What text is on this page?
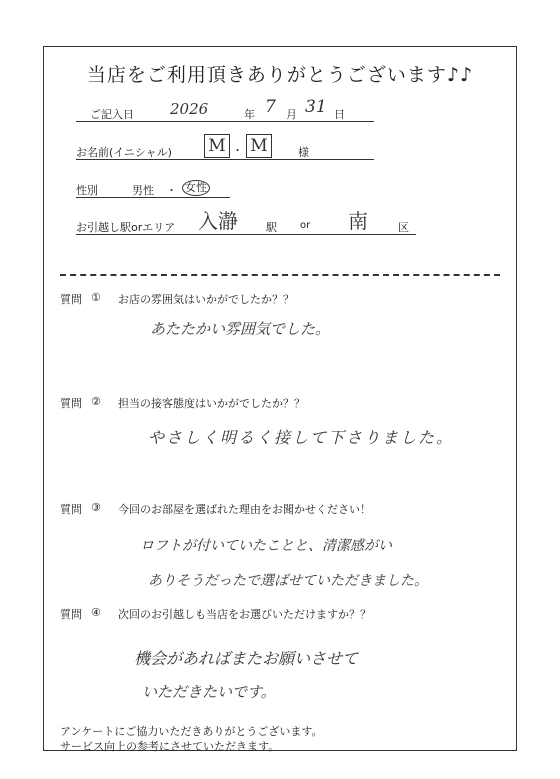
当店をご利用頂きありがとうございます♪♪
ご記入日 2026	年 7 月 31 日
お名前(イニシャル) M ・ M	様
性別	男性 ・ 女性
お引越し駅orエリア 入瀞	駅 or 南	区
質問 ① お店の雰囲気はいかがでしたか？？
あたたかい雰囲気でした。
質問 ② 担当の接客態度はいかがでしたか？？
やさしく明るく接して下さりました。
質問 ③ 今回のお部屋を選ばれた理由をお聞かせください！
ロフトが付いていたことと、清潔感がい
ありそうだったで選ばせていただきました。
質問 ④ 次回のお引越しも当店をお選びいただけますか？？
機会があればまたお願いさせて
いただきたいです。
アンケートにご協力いただきありがとうございます。
サービス向上の参考にさせていただきます。
